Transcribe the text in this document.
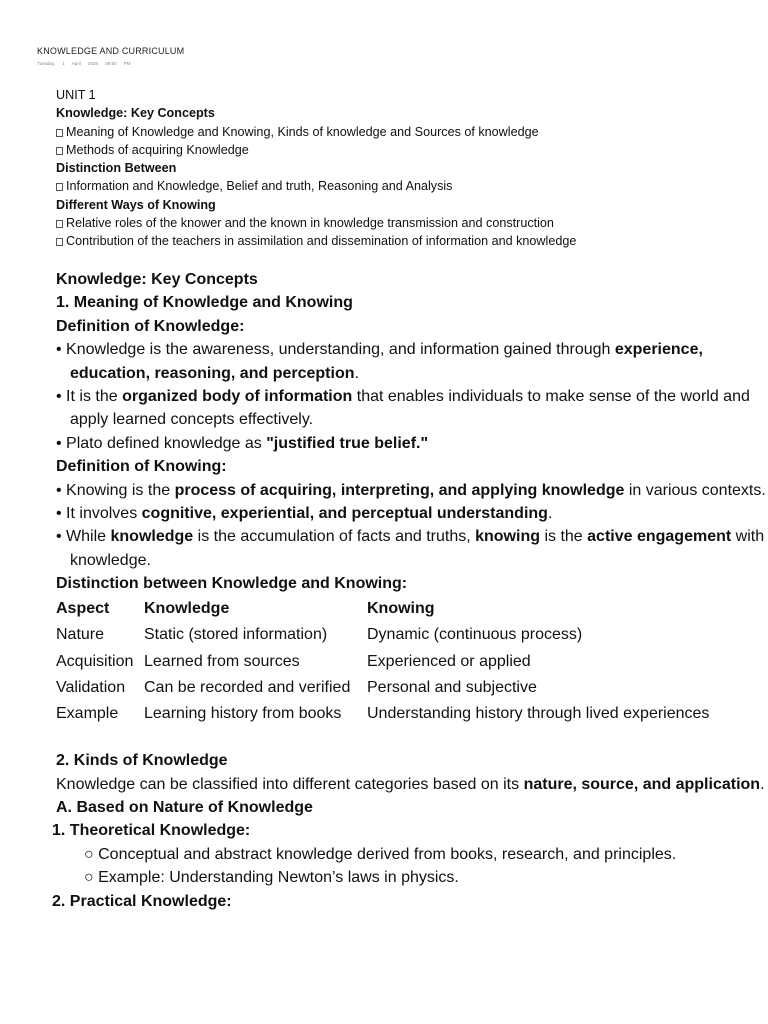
KNOWLEDGE AND CURRICULUM
Tuesday, 1 April 2025 09:50 PM
UNIT 1
Knowledge: Key Concepts
Meaning of Knowledge and Knowing, Kinds of knowledge and Sources of knowledge
Methods of acquiring Knowledge
Distinction Between
Information and Knowledge, Belief and truth, Reasoning and Analysis
Different Ways of Knowing
Relative roles of the knower and the known in knowledge transmission and construction
Contribution of the teachers in assimilation and dissemination of information and knowledge

Knowledge: Key Concepts

1. Meaning of Knowledge and Knowing

Definition of Knowledge:

• Knowledge is the awareness, understanding, and information gained through experience, education, reasoning, and perception.

• It is the organized body of information that enables individuals to make sense of the world and apply learned concepts effectively.

• Plato defined knowledge as "justified true belief."

Definition of Knowing:

• Knowing is the process of acquiring, interpreting, and applying knowledge in various contexts.

• It involves cognitive, experiential, and perceptual understanding.

• While knowledge is the accumulation of facts and truths, knowing is the active engagement with knowledge.

Distinction between Knowledge and Knowing:

Aspect	Knowledge	Knowing
Nature	Static (stored information)	Dynamic (continuous process)
Acquisition	Learned from sources	Experienced or applied
Validation	Can be recorded and verified	Personal and subjective
Example	Learning history from books	Understanding history through lived experiences

2. Kinds of Knowledge

Knowledge can be classified into different categories based on its nature, source, and application.

A. Based on Nature of Knowledge

1. Theoretical Knowledge:

○ Conceptual and abstract knowledge derived from books, research, and principles.

○ Example: Understanding Newton’s laws in physics.

2. Practical Knowledge:
